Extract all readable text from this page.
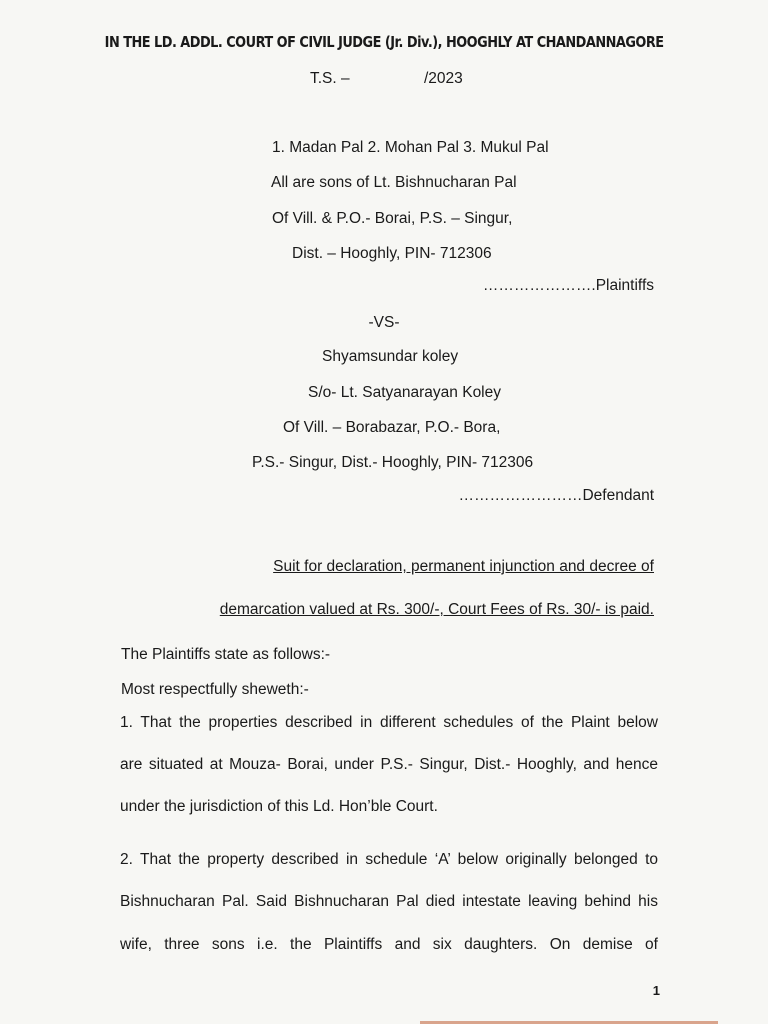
IN THE LD. ADDL. COURT OF CIVIL JUDGE (Jr. Div.), HOOGHLY AT CHANDANNAGORE
T.S. –	/2023
1. Madan Pal 2. Mohan Pal 3. Mukul Pal
All are sons of Lt. Bishnucharan Pal
Of Vill. & P.O.- Borai, P.S. – Singur,
Dist. – Hooghly, PIN- 712306
………………….Plaintiffs
-VS-
Shyamsundar koley
S/o- Lt. Satyanarayan Koley
Of Vill. – Borabazar, P.O.- Bora,
P.S.- Singur, Dist.- Hooghly, PIN- 712306
……………………Defendant
Suit for declaration, permanent injunction and decree of
demarcation valued at Rs. 300/-, Court Fees of Rs. 30/- is paid.
The Plaintiffs state as follows:-
Most respectfully sheweth:-
1. That the properties described in different schedules of the Plaint below
are situated at Mouza- Borai, under P.S.- Singur, Dist.- Hooghly, and hence
under the jurisdiction of this Ld. Hon’ble Court.
2. That the property described in schedule ‘A’ below originally belonged to
Bishnucharan Pal. Said Bishnucharan Pal died intestate leaving behind his
wife, three sons i.e. the Plaintiffs and six daughters. On demise of
1
